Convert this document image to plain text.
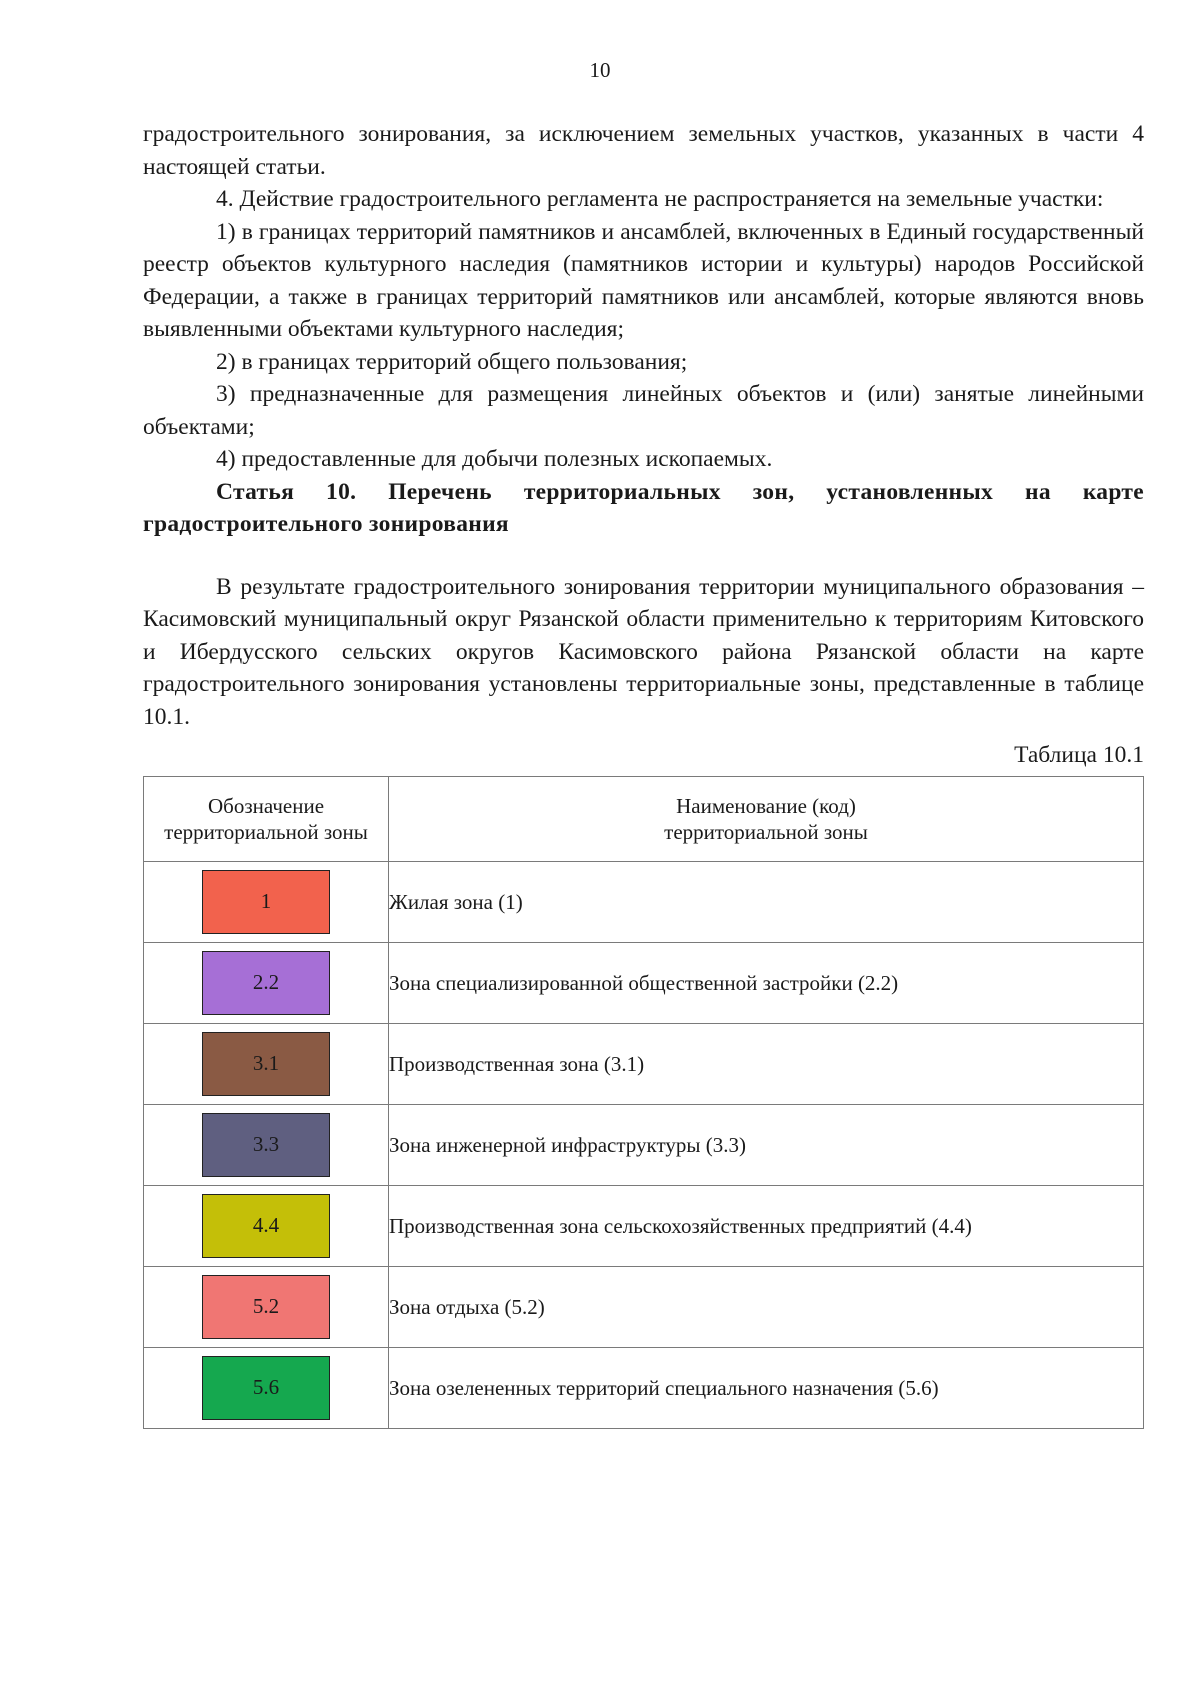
10

градостроительного зонирования, за исключением земельных участков, указанных в части 4 настоящей статьи.

4. Действие градостроительного регламента не распространяется на земельные участки:

1) в границах территорий памятников и ансамблей, включенных в Единый государственный реестр объектов культурного наследия (памятников истории и культуры) народов Российской Федерации, а также в границах территорий памятников или ансамблей, которые являются вновь выявленными объектами культурного наследия;

2) в границах территорий общего пользования;

3) предназначенные для размещения линейных объектов и (или) занятые линейными объектами;

4) предоставленные для добычи полезных ископаемых.

Статья 10. Перечень территориальных зон, установленных на карте градостроительного зонирования

В результате градостроительного зонирования территории муниципального образования – Касимовский муниципальный округ Рязанской области применительно к территориям Китовского и Ибердусского сельских округов Касимовского района Рязанской области на карте градостроительного зонирования установлены территориальные зоны, представленные в таблице 10.1.

Таблица 10.1
Обозначение территориальной зоны	Наименование (код)
территориальной зоны
1	Жилая зона (1)
2.2	Зона специализированной общественной застройки (2.2)
3.1	Производственная зона (3.1)
3.3	Зона инженерной инфраструктуры (3.3)
4.4	Производственная зона сельскохозяйственных предприятий (4.4)
5.2	Зона отдыха (5.2)
5.6	Зона озелененных территорий специального назначения (5.6)
